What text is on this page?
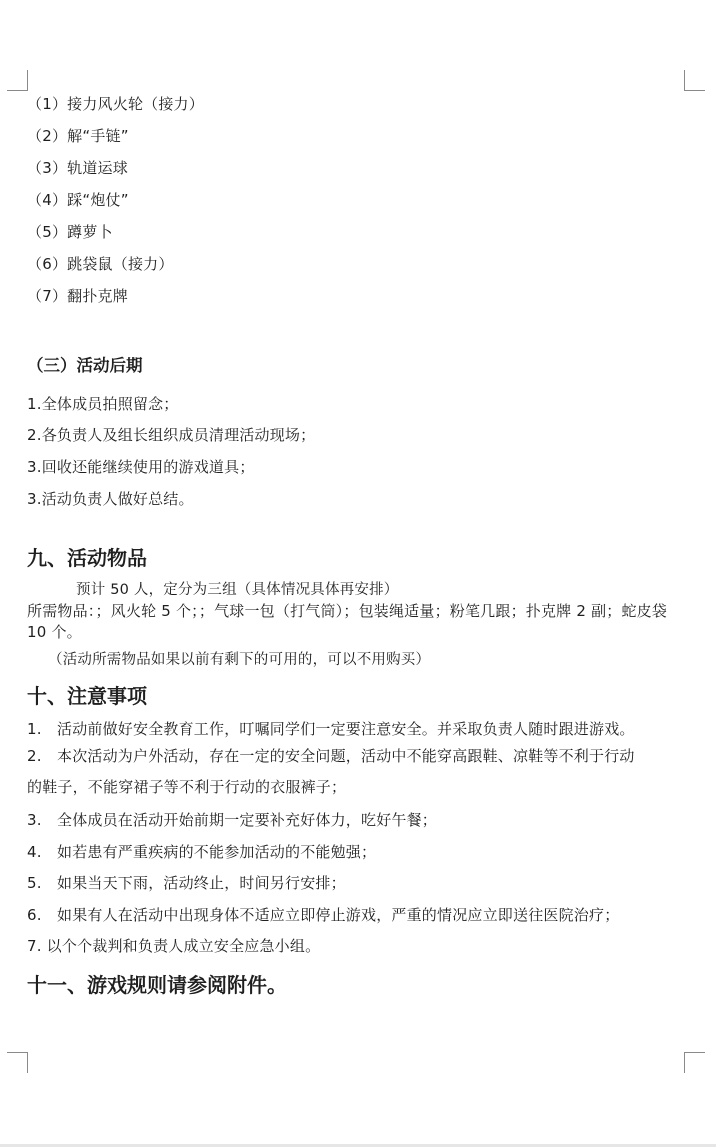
（1）接力风火轮（接力）
（2）解“手链”
（3）轨道运球
（4）踩“炮仗”
（5）蹲萝卜
（6）跳袋鼠（接力）
（7）翻扑克牌
（三）活动后期
1.全体成员拍照留念；
2.各负责人及组长组织成员清理活动现场；
3.回收还能继续使用的游戏道具；
3.活动负责人做好总结。
九、活动物品
预计 50 人，定分为三组（具体情况具体再安排）
所需物品：；风火轮 5 个；；气球一包（打气筒）；包装绳适量；粉笔几跟；扑克牌 2 副；蛇皮袋 10 个。
（活动所需物品如果以前有剩下的可用的，可以不用购买）
十、注意事项
1. 活动前做好安全教育工作，叮嘱同学们一定要注意安全。并采取负责人随时跟进游戏。
2. 本次活动为户外活动，存在一定的安全问题，活动中不能穿高跟鞋、凉鞋等不利于行动
的鞋子，不能穿裙子等不利于行动的衣服裤子；
3. 全体成员在活动开始前期一定要补充好体力，吃好午餐；
4. 如若患有严重疾病的不能参加活动的不能勉强；
5. 如果当天下雨，活动终止，时间另行安排；
6. 如果有人在活动中出现身体不适应立即停止游戏，严重的情况应立即送往医院治疗；
7. 以个个裁判和负责人成立安全应急小组。
十一、游戏规则请参阅附件。
